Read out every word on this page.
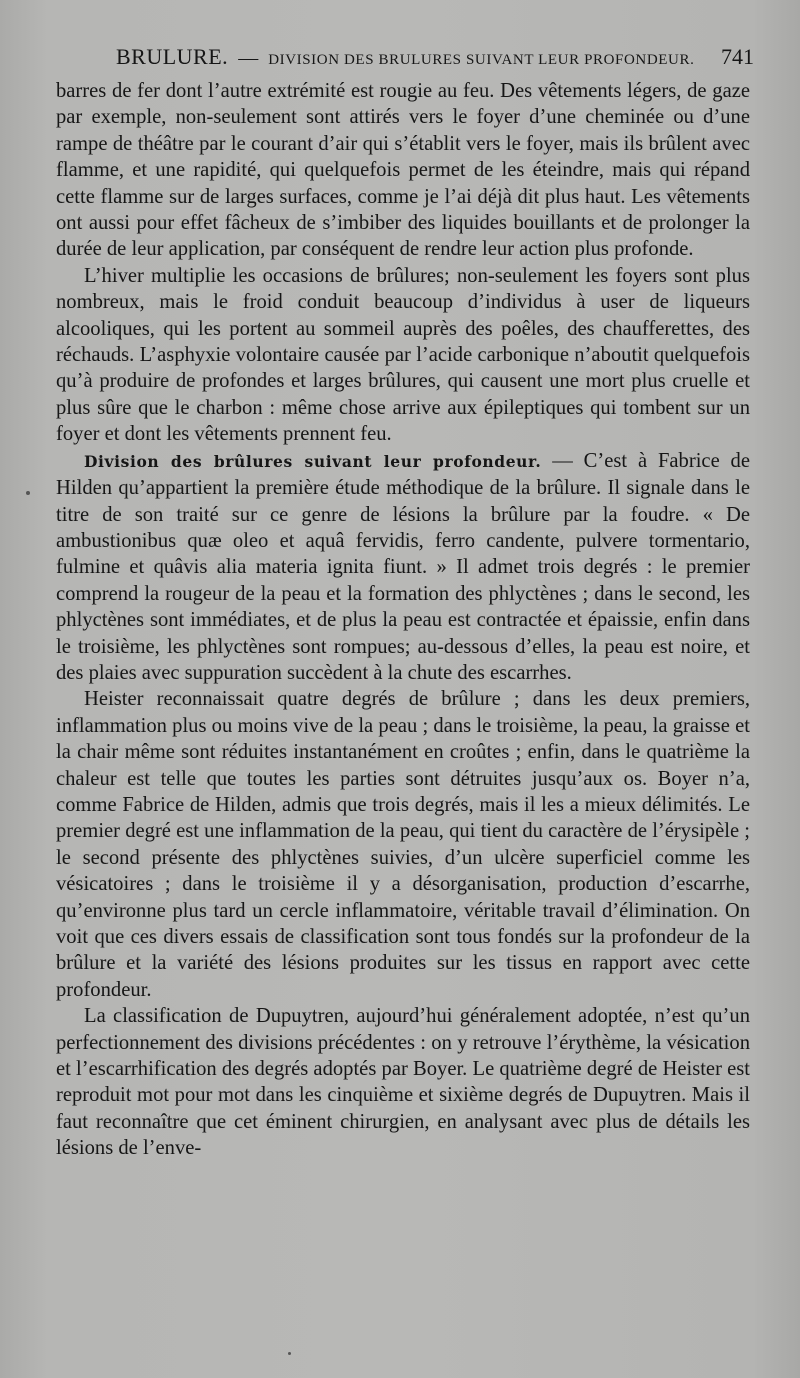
BRULURE. — DIVISION DES BRULURES SUIVANT LEUR PROFONDEUR.	741

barres de fer dont l’autre extrémité est rougie au feu. Des vêtements légers, de gaze par exemple, non-seulement sont attirés vers le foyer d’une cheminée ou d’une rampe de théâtre par le courant d’air qui s’établit vers le foyer, mais ils brûlent avec flamme, et une rapidité, qui quelquefois permet de les éteindre, mais qui répand cette flamme sur de larges surfaces, comme je l’ai déjà dit plus haut. Les vêtements ont aussi pour effet fâcheux de s’imbiber des liquides bouillants et de prolonger la durée de leur application, par conséquent de rendre leur action plus profonde.

L’hiver multiplie les occasions de brûlures; non-seulement les foyers sont plus nombreux, mais le froid conduit beaucoup d’individus à user de liqueurs alcooliques, qui les portent au sommeil auprès des poêles, des chaufferettes, des réchauds. L’asphyxie volontaire causée par l’acide carbonique n’aboutit quelquefois qu’à produire de profondes et larges brûlures, qui causent une mort plus cruelle et plus sûre que le charbon : même chose arrive aux épileptiques qui tombent sur un foyer et dont les vêtements prennent feu.

Division des brûlures suivant leur profondeur. — C’est à Fabrice de Hilden qu’appartient la première étude méthodique de la brûlure. Il signale dans le titre de son traité sur ce genre de lésions la brûlure par la foudre. « De ambustionibus quæ oleo et aquâ fervidis, ferro candente, pulvere tormentario, fulmine et quâvis alia materia ignita fiunt. » Il admet trois degrés : le premier comprend la rougeur de la peau et la formation des phlyctènes ; dans le second, les phlyctènes sont immédiates, et de plus la peau est contractée et épaissie, enfin dans le troisième, les phlyctènes sont rompues; au-dessous d’elles, la peau est noire, et des plaies avec suppuration succèdent à la chute des escarrhes.

Heister reconnaissait quatre degrés de brûlure ; dans les deux premiers, inflammation plus ou moins vive de la peau ; dans le troisième, la peau, la graisse et la chair même sont réduites instantanément en croûtes ; enfin, dans le quatrième la chaleur est telle que toutes les parties sont détruites jusqu’aux os. Boyer n’a, comme Fabrice de Hilden, admis que trois degrés, mais il les a mieux délimités. Le premier degré est une inflammation de la peau, qui tient du caractère de l’érysipèle ; le second présente des phlyctènes suivies, d’un ulcère superficiel comme les vésicatoires ; dans le troisième il y a désorganisation, production d’escarrhe, qu’environne plus tard un cercle inflammatoire, véritable travail d’élimination. On voit que ces divers essais de classification sont tous fondés sur la profondeur de la brûlure et la variété des lésions produites sur les tissus en rapport avec cette profondeur.

La classification de Dupuytren, aujourd’hui généralement adoptée, n’est qu’un perfectionnement des divisions précédentes : on y retrouve l’érythème, la vésication et l’escarrhification des degrés adoptés par Boyer. Le quatrième degré de Heister est reproduit mot pour mot dans les cinquième et sixième degrés de Dupuytren. Mais il faut reconnaître que cet éminent chirurgien, en analysant avec plus de détails les lésions de l’enve-
